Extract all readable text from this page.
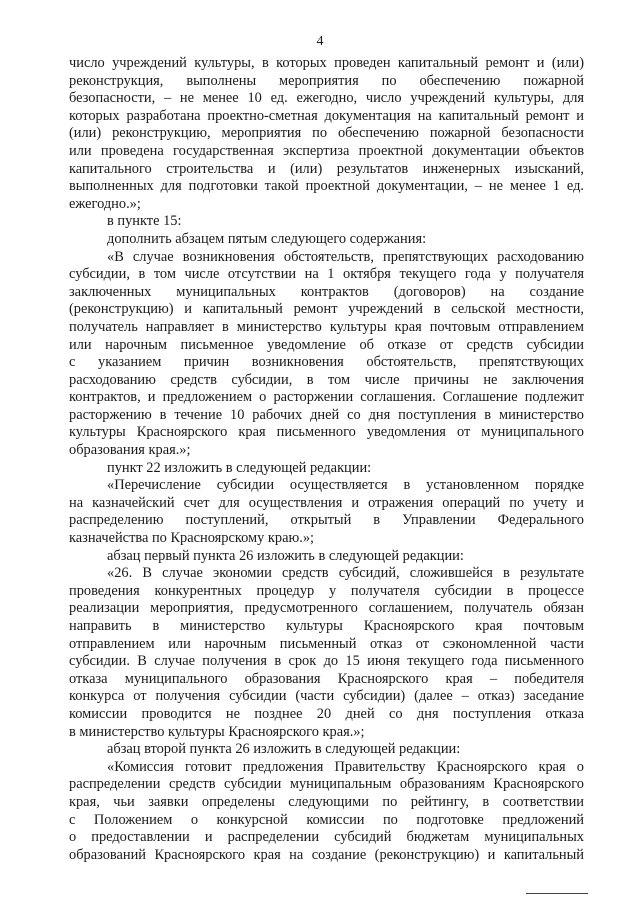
4
число учреждений культуры, в которых проведен капитальный ремонт и (или)
реконструкция, выполнены мероприятия по обеспечению пожарной
безопасности, – не менее 10 ед. ежегодно, число учреждений культуры, для
которых разработана проектно-сметная документация на капитальный ремонт и
(или) реконструкцию, мероприятия по обеспечению пожарной безопасности
или проведена государственная экспертиза проектной документации объектов
капитального строительства и (или) результатов инженерных изысканий,
выполненных для подготовки такой проектной документации, – не менее 1 ед.
ежегодно.»;
в пункте 15:
дополнить абзацем пятым следующего содержания:
«В случае возникновения обстоятельств, препятствующих расходованию
субсидии, в том числе отсутствии на 1 октября текущего года у получателя
заключенных муниципальных контрактов (договоров) на создание
(реконструкцию) и капитальный ремонт учреждений в сельской местности,
получатель направляет в министерство культуры края почтовым отправлением
или нарочным письменное уведомление об отказе от средств субсидии
с указанием причин возникновения обстоятельств, препятствующих
расходованию средств субсидии, в том числе причины не заключения
контрактов, и предложением о расторжении соглашения. Соглашение подлежит
расторжению в течение 10 рабочих дней со дня поступления в министерство
культуры Красноярского края письменного уведомления от муниципального
образования края.»;
пункт 22 изложить в следующей редакции:
«Перечисление субсидии осуществляется в установленном порядке
на казначейский счет для осуществления и отражения операций по учету и
распределению поступлений, открытый в Управлении Федерального
казначейства по Красноярскому краю.»;
абзац первый пункта 26 изложить в следующей редакции:
«26. В случае экономии средств субсидий, сложившейся в результате
проведения конкурентных процедур у получателя субсидии в процессе
реализации мероприятия, предусмотренного соглашением, получатель обязан
направить в министерство культуры Красноярского края почтовым
отправлением или нарочным письменный отказ от сэкономленной части
субсидии. В случае получения в срок до 15 июня текущего года письменного
отказа муниципального образования Красноярского края – победителя
конкурса от получения субсидии (части субсидии) (далее – отказ) заседание
комиссии проводится не позднее 20 дней со дня поступления отказа
в министерство культуры Красноярского края.»;
абзац второй пункта 26 изложить в следующей редакции:
«Комиссия готовит предложения Правительству Красноярского края о
распределении средств субсидии муниципальным образованиям Красноярского
края, чьи заявки определены следующими по рейтингу, в соответствии
с Положением о конкурсной комиссии по подготовке предложений
о предоставлении и распределении субсидий бюджетам муниципальных
образований Красноярского края на создание (реконструкцию) и капитальный
